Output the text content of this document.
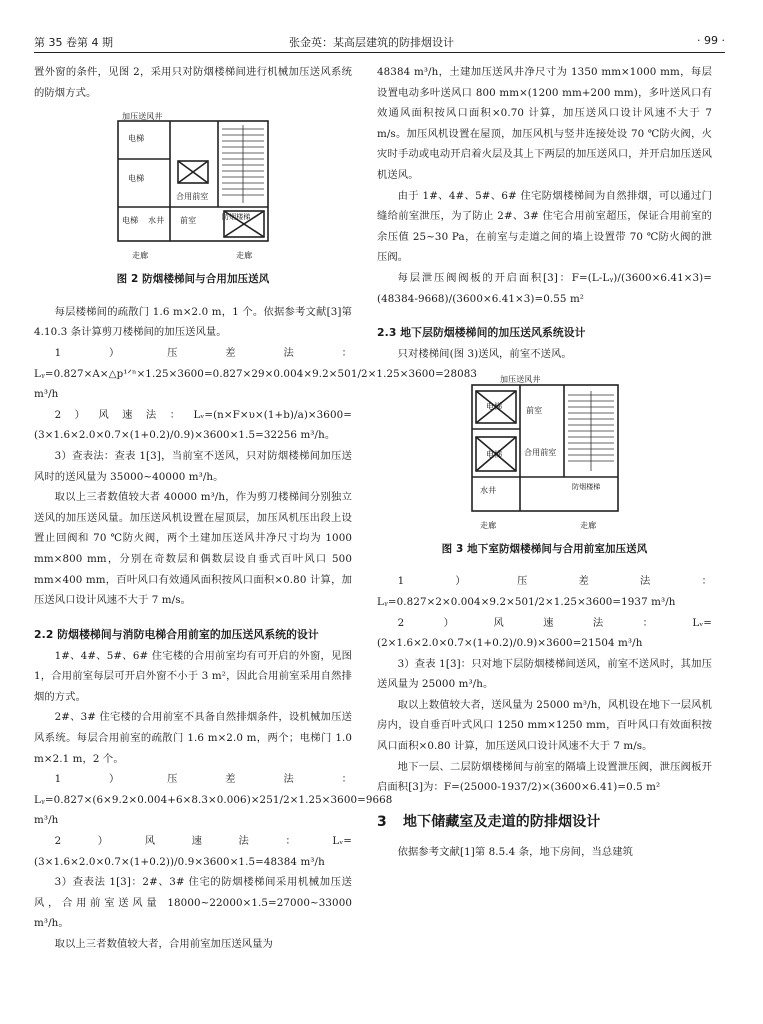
第 35 卷第 4 期	张金英：某高层建筑的防排烟设计	· 99 ·

置外窗的条件，见图 2，采用只对防烟楼梯间进行机械加压送风系统的防烟方式。

加压送风井
合用前室
防烟楼梯
走廊	走廊
电梯
电梯
水井 前室
电梯
图 2 防烟楼梯间与合用加压送风

每层楼梯间的疏散门 1.6 m×2.0 m，1 个。依据参考文献[3]第 4.10.3 条计算剪刀楼梯间的加压送风量。

1）压差法：Lᵧ=0.827×A×△p¹ᐟⁿ×1.25×3600=0.827×29×0.004×9.2×501/2×1.25×3600=28083 m³/h

2）风速法：Lᵥ=(n×F×υ×(1+b)/a)×3600=(3×1.6×2.0×0.7×(1+0.2)/0.9)×3600×1.5=32256 m³/h。

3）查表法：查表 1[3]，当前室不送风，只对防烟楼梯间加压送风时的送风量为 35000~40000 m³/h。

取以上三者数值较大者 40000 m³/h，作为剪刀楼梯间分别独立送风的加压送风量。加压送风机设置在屋顶层，加压风机压出段上设置止回阀和 70 ℃防火阀，两个土建加压送风井净尺寸均为 1000 mm×800 mm，分别在奇数层和偶数层设自垂式百叶风口 500 mm×400 mm，百叶风口有效通风面积按风口面积×0.80 计算，加压送风口设计风速不大于 7 m/s。

2.2 防烟楼梯间与消防电梯合用前室的加压送风系统的设计

1#、4#、5#、6# 住宅楼的合用前室均有可开启的外窗，见图 1，合用前室每层可开启外窗不小于 3 m²，因此合用前室采用自然排烟的方式。

2#、3# 住宅楼的合用前室不具备自然排烟条件，设机械加压送风系统。每层合用前室的疏散门 1.6 m×2.0 m，两个；电梯门 1.0 m×2.1 m，2 个。

1）压差法：Lᵧ=0.827×(6×9.2×0.004+6×8.3×0.006)×251/2×1.25×3600=9668 m³/h

2）风速法：Lᵥ=(3×1.6×2.0×0.7×(1+0.2))/0.9×3600×1.5=48384 m³/h

3）查表法 1[3]：2#、3# 住宅的防烟楼梯间采用机械加压送风，合用前室送风量 18000~22000×1.5=27000~33000 m³/h。

取以上三者数值较大者，合用前室加压送风量为

48384 m³/h，土建加压送风井净尺寸为 1350 mm×1000 mm，每层设置电动多叶送风口 800 mm×(1200 mm+200 mm)，多叶送风口有效通风面积按风口面积×0.70 计算，加压送风口设计风速不大于 7 m/s。加压风机设置在屋顶，加压风机与竖井连接处设 70 ℃防火阀，火灾时手动或电动开启着火层及其上下两层的加压送风口，并开启加压送风机送风。

由于 1#、4#、5#、6# 住宅防烟楼梯间为自然排烟，可以通过门缝给前室泄压，为了防止 2#、3# 住宅合用前室超压，保证合用前室的余压值 25~30 Pa，在前室与走道之间的墙上设置带 70 ℃防火阀的泄压阀。

每层泄压阀阀板的开启面积[3]：F=(L-Lᵧ)/(3600×6.41×3)=(48384-9668)/(3600×6.41×3)=0.55 m²

2.3 地下层防烟楼梯间的加压送风系统设计

只对楼梯间(图 3)送风，前室不送风。

加压送风井
前室
合用前室
防烟楼梯
走廊	走廊
电梯
电梯
水井
图 3 地下室防烟楼梯间与合用前室加压送风

1）压差法：Lᵧ=0.827×2×0.004×9.2×501/2×1.25×3600=1937 m³/h

2）风速法：Lᵥ=(2×1.6×2.0×0.7×(1+0.2)/0.9)×3600=21504 m³/h

3）查表 1[3]：只对地下层防烟楼梯间送风，前室不送风时，其加压送风量为 25000 m³/h。

取以上数值较大者，送风量为 25000 m³/h，风机设在地下一层风机房内，设自垂百叶式风口 1250 mm×1250 mm，百叶风口有效面积按风口面积×0.80 计算，加压送风口设计风速不大于 7 m/s。

地下一层、二层防烟楼梯间与前室的隔墙上设置泄压阀，泄压阀板开启面积[3]为：F=(25000-1937/2)×(3600×6.41)=0.5 m²

3 地下储藏室及走道的防排烟设计

依据参考文献[1]第 8.5.4 条，地下房间，当总建筑
